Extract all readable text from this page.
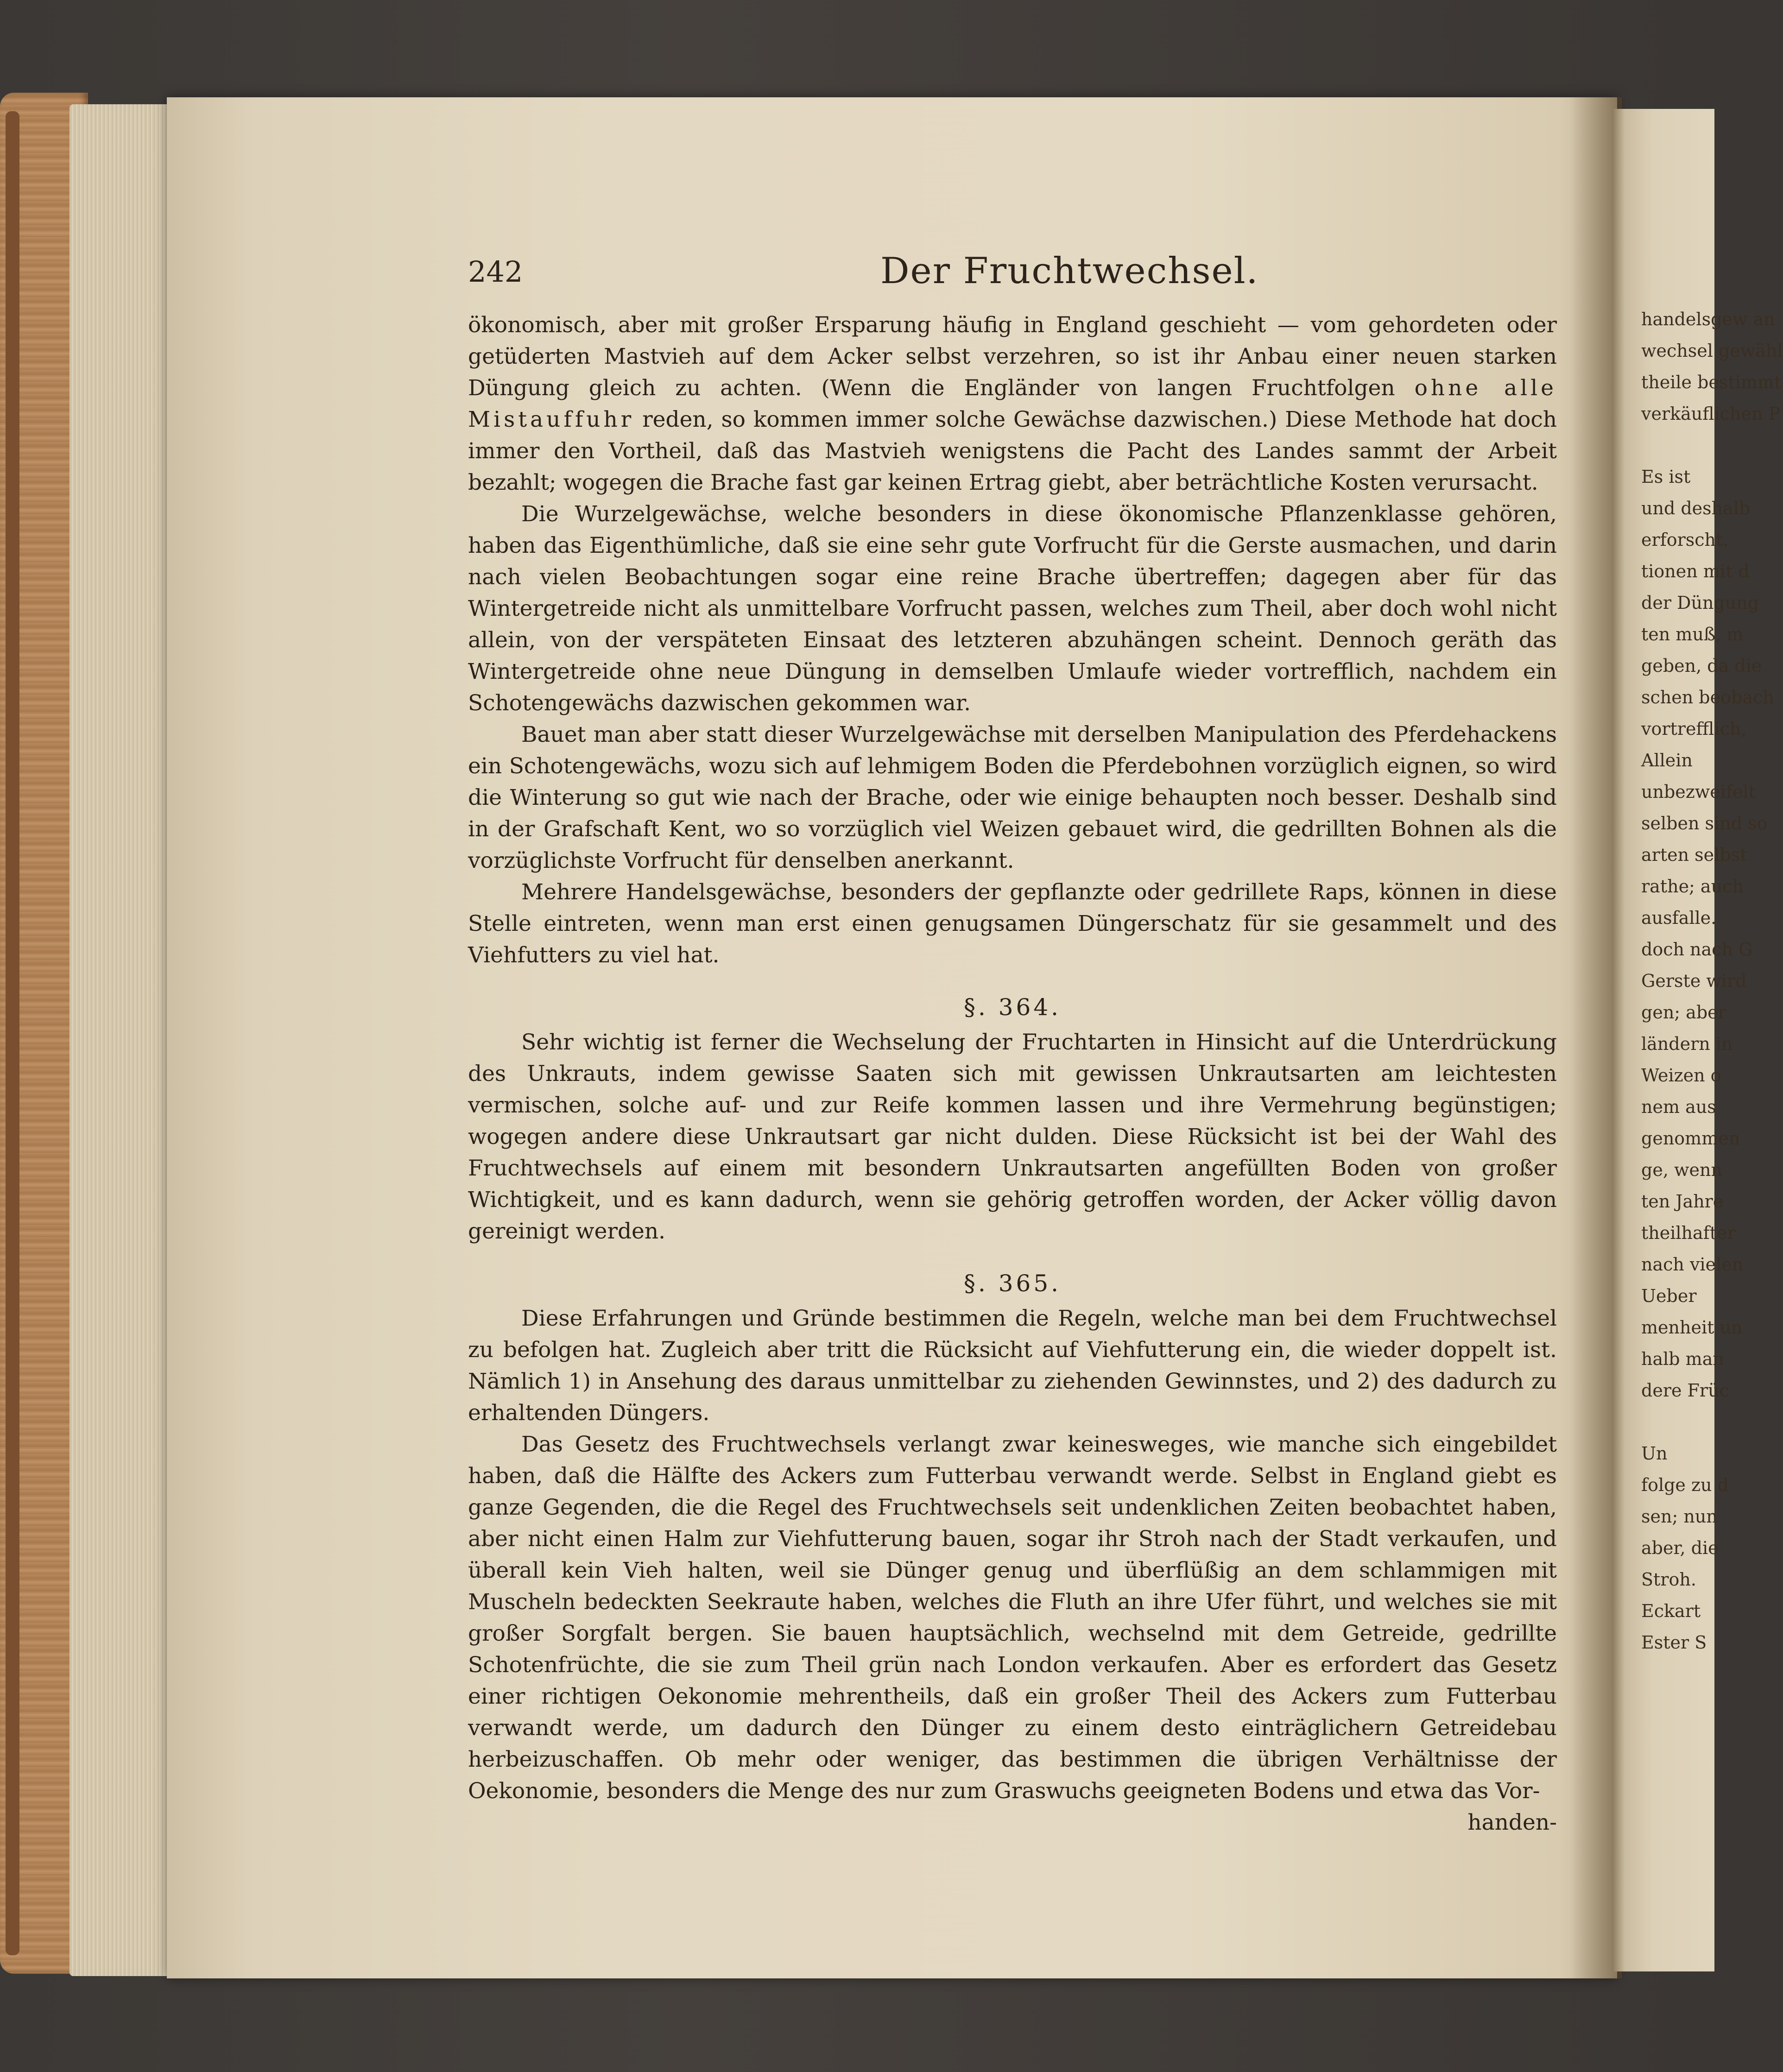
handelsgew an
wechsel gewähl
theile bestimmt
verkäuflichen P

Es ist
und deshalb
erforscht.
tionen mit d
der Düngung
ten muß, m
geben, da die
schen beobach
vortrefflich,
Allein
unbezweifelt
selben sind so
arten selbst
rathe; auch
ausfalle.
doch nach G
Gerste wird
gen; aber
ländern in
Weizen o
nem aus
genommen
ge, wenn
ten Jahre
theilhafter
nach vielen
Ueber
menheit un
halb man
dere Früc

Un
folge zu d
sen; nun
aber, die
Stroh.
Eckart
Ester S
242	Der Fruchtwechsel.

ökonomisch, aber mit großer Ersparung häufig in England geschieht — vom gehordeten oder getüderten Mastvieh auf dem Acker selbst verzehren, so ist ihr Anbau einer neuen starken Düngung gleich zu achten. (Wenn die Engländer von langen Fruchtfolgen ohne alle Mistauffuhr reden, so kommen immer solche Gewächse dazwischen.) Diese Methode hat doch immer den Vortheil, daß das Mastvieh wenigstens die Pacht des Landes sammt der Arbeit bezahlt; wogegen die Brache fast gar keinen Ertrag giebt, aber beträchtliche Kosten verursacht.

Die Wurzelgewächse, welche besonders in diese ökonomische Pflanzenklasse gehören, haben das Eigenthümliche, daß sie eine sehr gute Vorfrucht für die Gerste ausmachen, und darin nach vielen Beobachtungen sogar eine reine Brache übertreffen; dagegen aber für das Wintergetreide nicht als unmittelbare Vorfrucht passen, welches zum Theil, aber doch wohl nicht allein, von der verspäteten Einsaat des letzteren abzuhängen scheint. Dennoch geräth das Wintergetreide ohne neue Düngung in demselben Umlaufe wieder vortrefflich, nachdem ein Schotengewächs dazwischen gekommen war.

Bauet man aber statt dieser Wurzelgewächse mit derselben Manipulation des Pferdehackens ein Schotengewächs, wozu sich auf lehmigem Boden die Pferdebohnen vorzüglich eignen, so wird die Winterung so gut wie nach der Brache, oder wie einige behaupten noch besser. Deshalb sind in der Grafschaft Kent, wo so vorzüglich viel Weizen gebauet wird, die gedrillten Bohnen als die vorzüglichste Vorfrucht für denselben anerkannt.

Mehrere Handelsgewächse, besonders der gepflanzte oder gedrillete Raps, können in diese Stelle eintreten, wenn man erst einen genugsamen Düngerschatz für sie gesammelt und des Viehfutters zu viel hat.

§. 364.

Sehr wichtig ist ferner die Wechselung der Fruchtarten in Hinsicht auf die Unterdrückung des Unkrauts, indem gewisse Saaten sich mit gewissen Unkrautsarten am leichtesten vermischen, solche auf- und zur Reife kommen lassen und ihre Vermehrung begünstigen; wogegen andere diese Unkrautsart gar nicht dulden. Diese Rücksicht ist bei der Wahl des Fruchtwechsels auf einem mit besondern Unkrautsarten angefüllten Boden von großer Wichtigkeit, und es kann dadurch, wenn sie gehörig getroffen worden, der Acker völlig davon gereinigt werden.

§. 365.

Diese Erfahrungen und Gründe bestimmen die Regeln, welche man bei dem Fruchtwechsel zu befolgen hat. Zugleich aber tritt die Rücksicht auf Viehfutterung ein, die wieder doppelt ist. Nämlich 1) in Ansehung des daraus unmittelbar zu ziehenden Gewinnstes, und 2) des dadurch zu erhaltenden Düngers.

Das Gesetz des Fruchtwechsels verlangt zwar keinesweges, wie manche sich eingebildet haben, daß die Hälfte des Ackers zum Futterbau verwandt werde. Selbst in England giebt es ganze Gegenden, die die Regel des Fruchtwechsels seit undenklichen Zeiten beobachtet haben, aber nicht einen Halm zur Viehfutterung bauen, sogar ihr Stroh nach der Stadt verkaufen, und überall kein Vieh halten, weil sie Dünger genug und überflüßig an dem schlammigen mit Muscheln bedeckten Seekraute haben, welches die Fluth an ihre Ufer führt, und welches sie mit großer Sorgfalt bergen. Sie bauen hauptsächlich, wechselnd mit dem Getreide, gedrillte Schotenfrüchte, die sie zum Theil grün nach London verkaufen. Aber es erfordert das Gesetz einer richtigen Oekonomie mehrentheils, daß ein großer Theil des Ackers zum Futterbau verwandt werde, um dadurch den Dünger zu einem desto einträglichern Getreidebau herbeizuschaffen. Ob mehr oder weniger, das bestimmen die übrigen Verhältnisse der Oekonomie, besonders die Menge des nur zum Graswuchs geeigneten Bodens und etwa das Vor-

handen-
